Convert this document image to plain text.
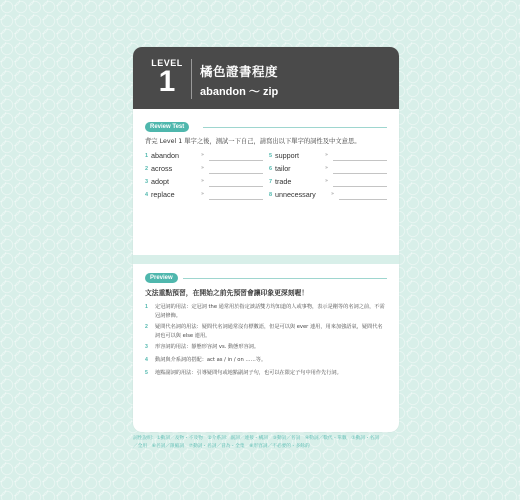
LEVEL
1	橘色證書程度
abandon ～ zip
Review Test
背完 Level 1 單字之後，測試一下自己，請寫出以下單字的詞性及中文意思。
1 abandon	»
2 across	»
3 adopt	»
4 replace	»
5 support	»
6 tailor	»
7 trade	»
8 unnecessary	»
Preview
文法重點預習，在開始之前先預習會讓印象更深刻喔！
1 定冠詞的用法：定冠詞 the 通常用於指定談話雙方均知道的人或事物，表示是剛等的名詞之前，不需冠詞修飾。
2 疑問代名詞的用法：疑問代名詞通常沒有標數語，但是可以與 ever 連用，用來加強語氣，疑問代名詞也可以與 else 連用。
3 形容詞的用法：靜態形容詞 vs. 動態形容詞。
4 動詞與介系詞的搭配：act as / in / on ……等。
5 地點副詞的用法：引導疑問句或地點副詞子句，也可以在限定子句中用作先行詞。
詞性說明：①動詞／及物・不及物　②介系詞：副詞／連接・構詞　③動詞／名詞　④動詞／數代・單數　⑤動詞・名詞
／全用　⑥名詞／限縮詞　⑦動詞・名詞／冒為・全集　⑧形容詞／不必要的・多餘的
